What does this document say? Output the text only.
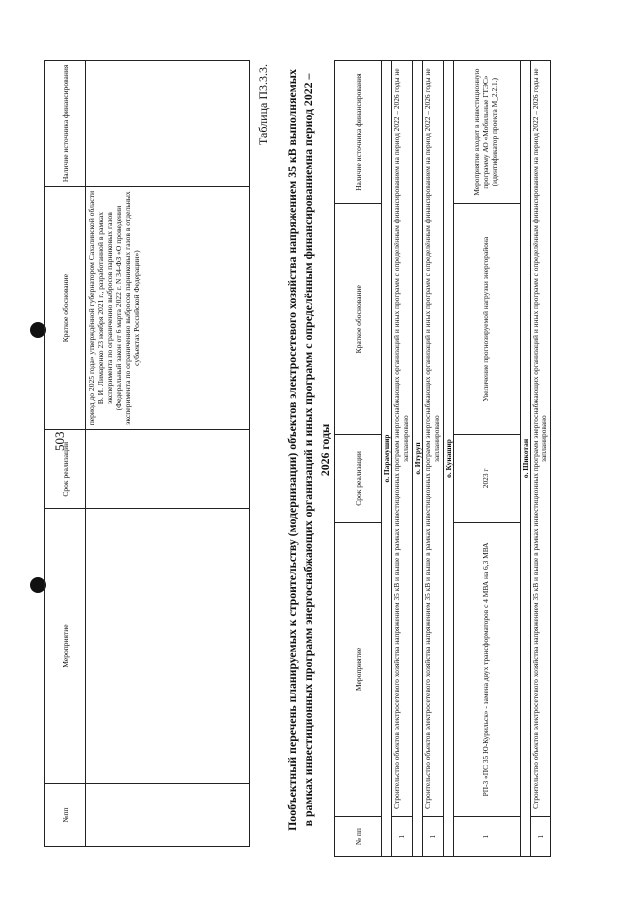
503
№пп	Мероприятие	Срок реализации	Краткое обоснование	Наличие источника финансирования
			период до 2025 года» утверждённой губернатором Сахалинской области В. И. Лимаренко 23 ноября 2021 г., разработанной в рамках эксперимента по ограничению выбросов парниковых газов (Федеральный закон от 6 марта 2022 г. N 34-ФЗ «О проведении эксперимента по ограничению выбросов парниковых газов в отдельных субъектах Российской Федерации»)	
Таблица П3.3.3. Пообъектный перечень планируемых к строительству (модернизации) объектов электросетевого хозяйства напряжением 35 кВ выполняемых в рамках инвестиционных программ энергоснабжающих организаций и иных программ с определённым финансированиемна период 2022 – 2026 годы
№ пп	Мероприятие	Срок реализации	Краткое обоснование	Наличие источника финансирования
о. Парамушир				
1	Строительство объектов электросетевого хозяйства напряжением 35 кВ и выше в рамках инвестиционных программ энергоснабжающих организаций и иных программ с определённым финансированием на период 2022 – 2026 годы не запланировано			
о. Итуруп				
1	Строительство объектов электросетевого хозяйства напряжением 35 кВ и выше в рамках инвестиционных программ энергоснабжающих организаций и иных программ с определённым финансированием на период 2022 – 2026 годы не запланировано			
о. Кунашир				
1	РП-3 «ПС 35 Ю-Курильск» - замена двух трансформаторов с 4 МВА на 6,3 МВА	2023 г	Увеличение прогнозируемой нагрузки энергорайона	Мероприятие входит в инвестиционную программу АО «Мобильные ГТЭС» (идентификатор проекта M_2.2.1.)
о. Шикотан				
1	Строительство объектов электросетевого хозяйства напряжением 35 кВ и выше в рамках инвестиционных программ энергоснабжающих организаций и иных программ с определённым финансированием на период 2022 – 2026 годы не запланировано			
